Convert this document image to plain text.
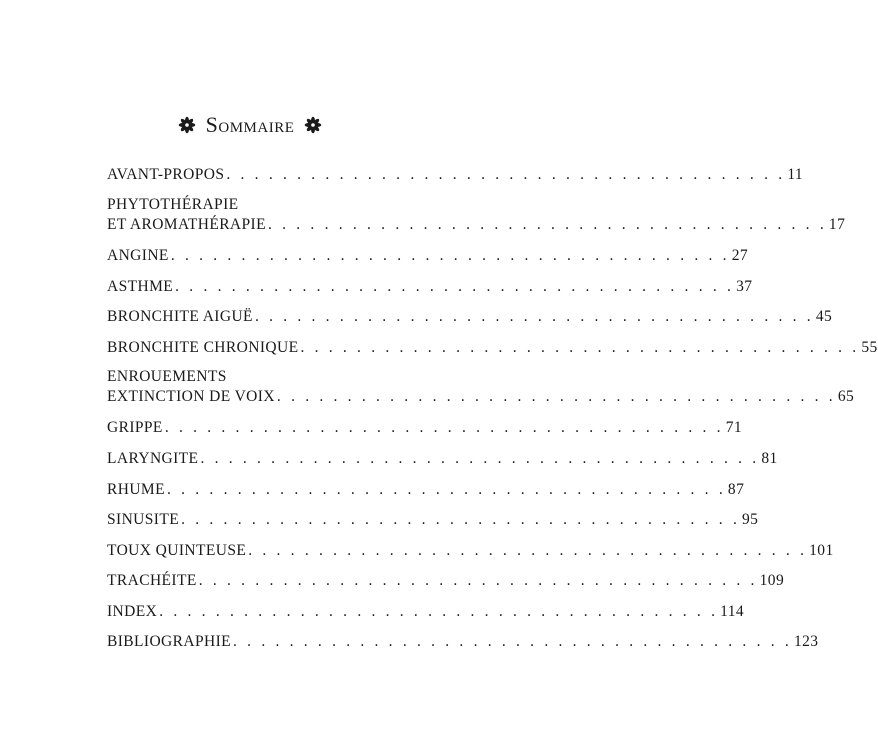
Sommaire
AVANT-PROPOS . . . . . . . . . . . . . . . . . . . . . . . . . . . . . . . . . . . . . . . . 11
PHYTOTHÉRAPIE
ET AROMATHÉRAPIE . . . . . . . . . . . . . . . . . . . . . . . . . . . . . . . . . . . . . . . . 17
ANGINE . . . . . . . . . . . . . . . . . . . . . . . . . . . . . . . . . . . . . . . . 27
ASTHME . . . . . . . . . . . . . . . . . . . . . . . . . . . . . . . . . . . . . . . . 37
BRONCHITE AIGUË . . . . . . . . . . . . . . . . . . . . . . . . . . . . . . . . . . . . . . . . 45
BRONCHITE CHRONIQUE . . . . . . . . . . . . . . . . . . . . . . . . . . . . . . . . . . . . . . . . 55
ENROUEMENTS
EXTINCTION DE VOIX . . . . . . . . . . . . . . . . . . . . . . . . . . . . . . . . . . . . . . . . 65
GRIPPE . . . . . . . . . . . . . . . . . . . . . . . . . . . . . . . . . . . . . . . . 71
LARYNGITE . . . . . . . . . . . . . . . . . . . . . . . . . . . . . . . . . . . . . . . . 81
RHUME . . . . . . . . . . . . . . . . . . . . . . . . . . . . . . . . . . . . . . . . 87
SINUSITE . . . . . . . . . . . . . . . . . . . . . . . . . . . . . . . . . . . . . . . . 95
TOUX QUINTEUSE . . . . . . . . . . . . . . . . . . . . . . . . . . . . . . . . . . . . . . . . 101
TRACHÉITE . . . . . . . . . . . . . . . . . . . . . . . . . . . . . . . . . . . . . . . . 109
INDEX . . . . . . . . . . . . . . . . . . . . . . . . . . . . . . . . . . . . . . . . 114
BIBLIOGRAPHIE . . . . . . . . . . . . . . . . . . . . . . . . . . . . . . . . . . . . . . . . 123
